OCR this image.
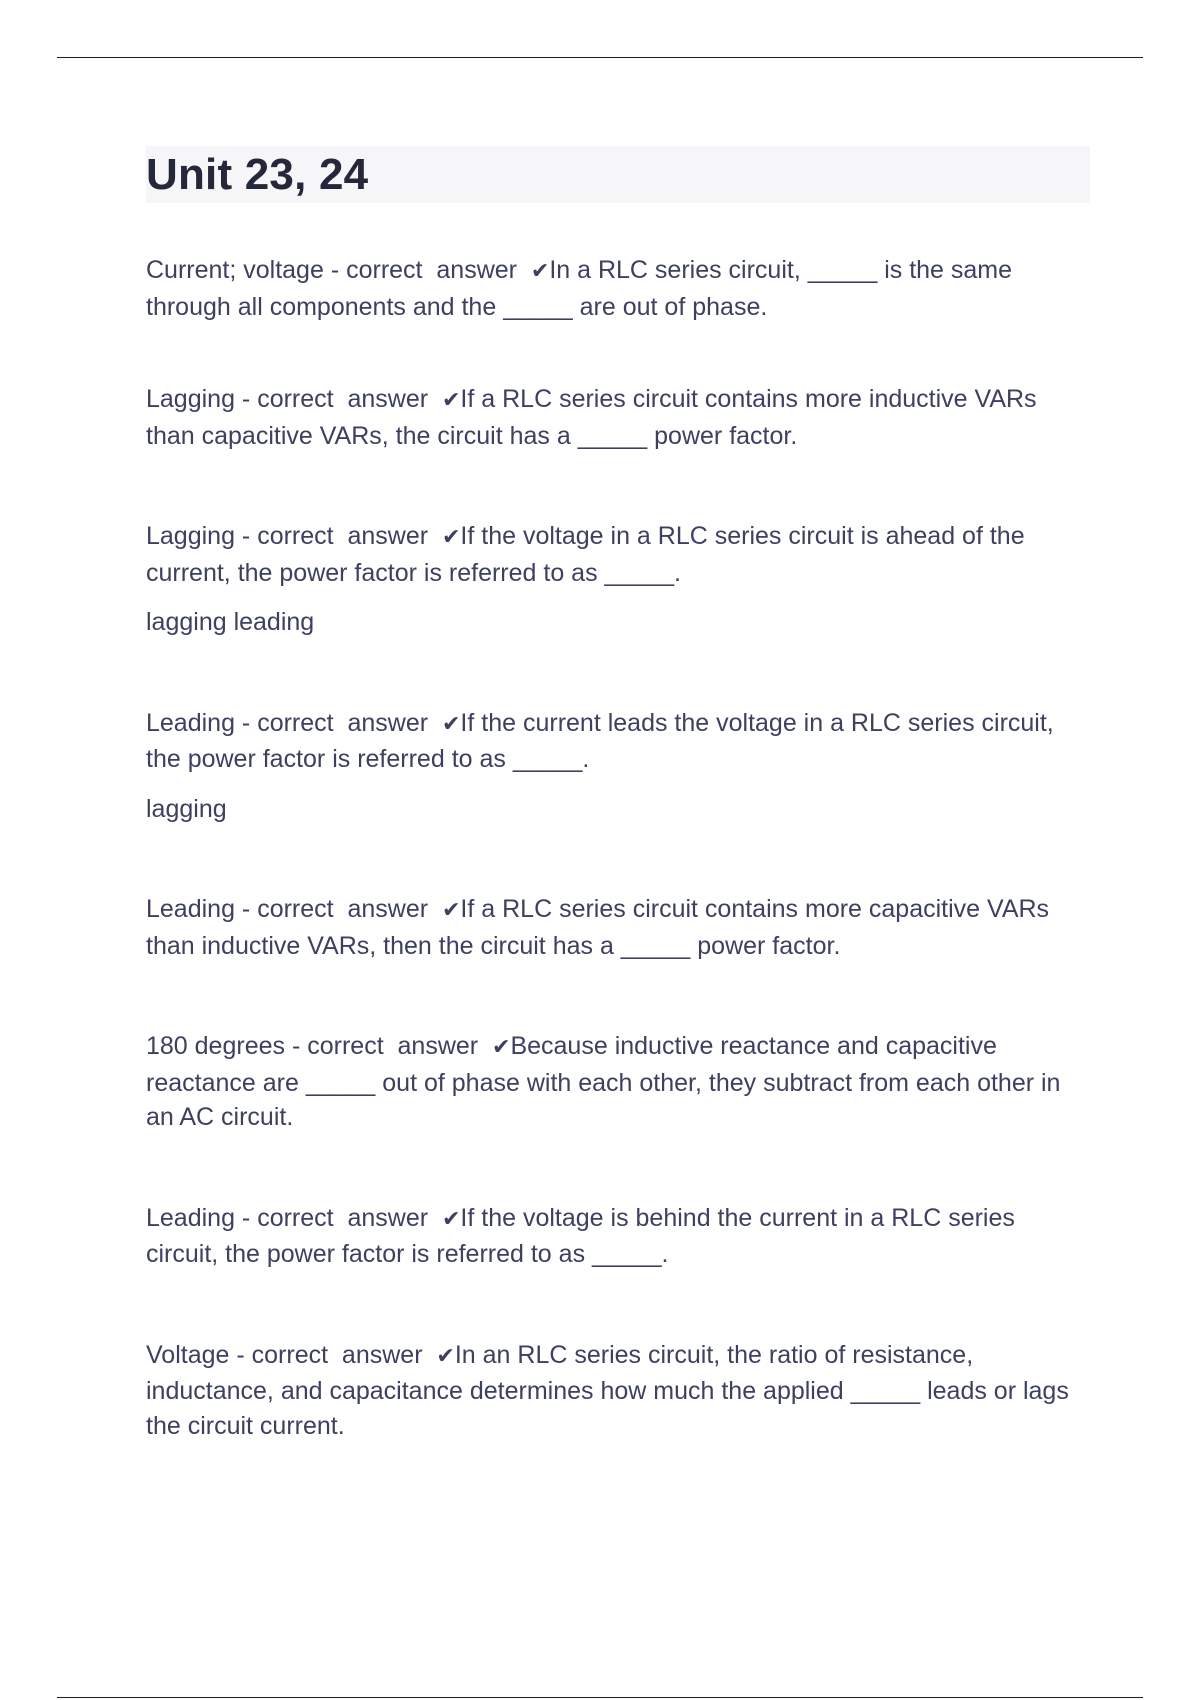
Unit 23, 24

Current; voltage - correct  answer  ✔In a RLC series circuit, _____ is the same through all components and the _____ are out of phase.

Lagging - correct  answer  ✔If a RLC series circuit contains more inductive VARs than capacitive VARs, the circuit has a _____ power factor.

Lagging - correct  answer  ✔If the voltage in a RLC series circuit is ahead of the current, the power factor is referred to as _____.

lagging leading

Leading - correct  answer  ✔If the current leads the voltage in a RLC series circuit, the power factor is referred to as _____.

lagging

Leading - correct  answer  ✔If a RLC series circuit contains more capacitive VARs than inductive VARs, then the circuit has a _____ power factor.

180 degrees - correct  answer  ✔Because inductive reactance and capacitive reactance are _____ out of phase with each other, they subtract from each other in an AC circuit.

Leading - correct  answer  ✔If the voltage is behind the current in a RLC series circuit, the power factor is referred to as _____.

Voltage - correct  answer  ✔In an RLC series circuit, the ratio of resistance, inductance, and capacitance determines how much the applied _____ leads or lags the circuit current.
